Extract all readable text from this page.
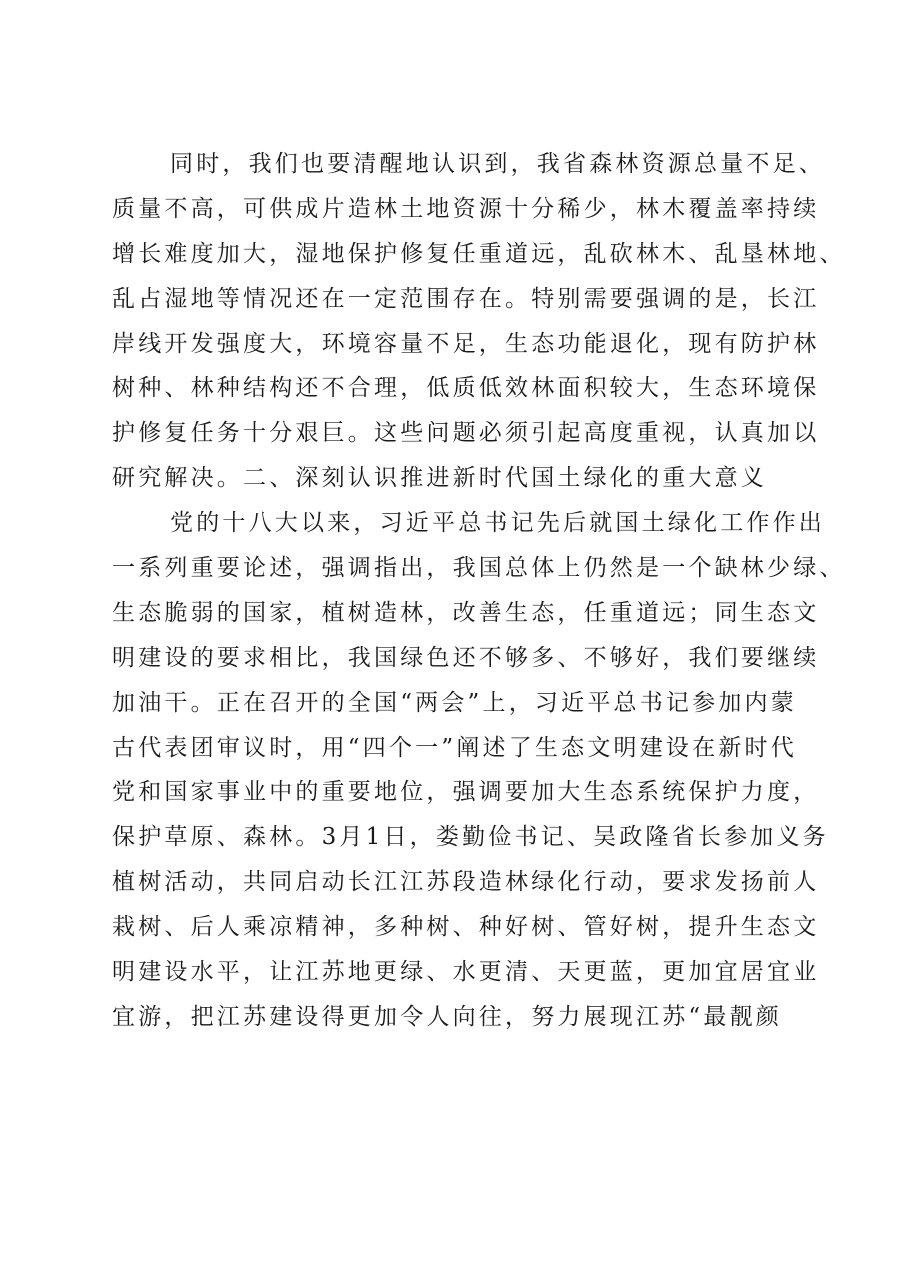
同时，我们也要清醒地认识到，我省森林资源总量不足、
质量不高，可供成片造林土地资源十分稀少，林木覆盖率持续
增长难度加大，湿地保护修复任重道远，乱砍林木、乱垦林地、
乱占湿地等情况还在一定范围存在。特别需要强调的是，长江
岸线开发强度大，环境容量不足，生态功能退化，现有防护林
树种、林种结构还不合理，低质低效林面积较大，生态环境保
护修复任务十分艰巨。这些问题必须引起高度重视，认真加以
研究解决。二、深刻认识推进新时代国土绿化的重大意义
党的十八大以来，习近平总书记先后就国土绿化工作作出
一系列重要论述，强调指出，我国总体上仍然是一个缺林少绿、
生态脆弱的国家，植树造林，改善生态，任重道远；同生态文
明建设的要求相比，我国绿色还不够多、不够好，我们要继续
加油干。正在召开的全国“两会”上，习近平总书记参加内蒙
古代表团审议时，用“四个一”阐述了生态文明建设在新时代
党和国家事业中的重要地位，强调要加大生态系统保护力度，
保护草原、森林。3月1日，娄勤俭书记、吴政隆省长参加义务
植树活动，共同启动长江江苏段造林绿化行动，要求发扬前人
栽树、后人乘凉精神，多种树、种好树、管好树，提升生态文
明建设水平，让江苏地更绿、水更清、天更蓝，更加宜居宜业
宜游，把江苏建设得更加令人向往，努力展现江苏“最靓颜
